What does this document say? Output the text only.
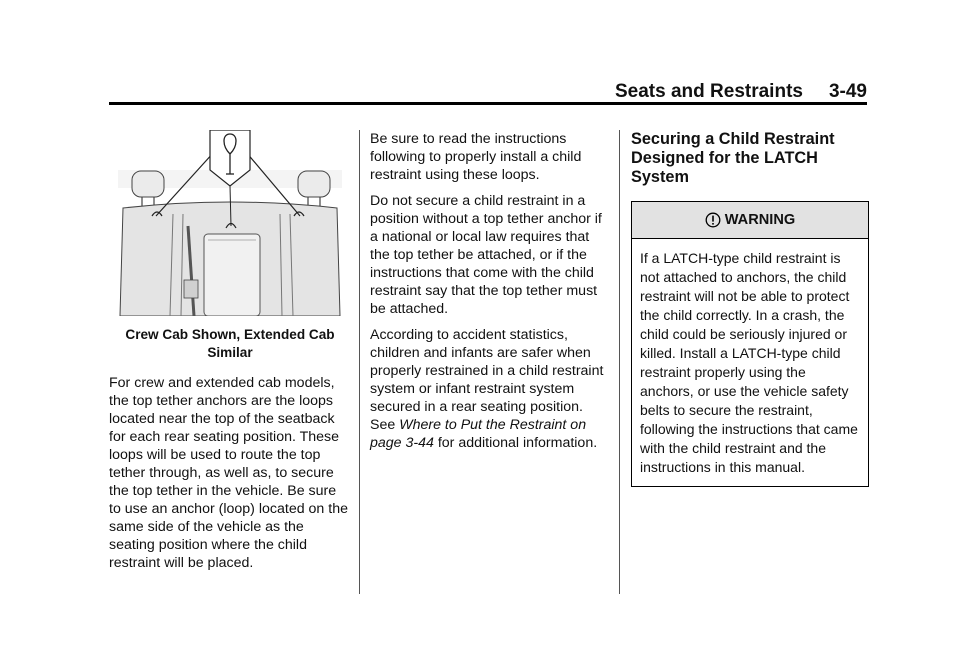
Seats and Restraints 3-49
Crew Cab Shown, Extended Cab Similar

For crew and extended cab models, the top tether anchors are the loops located near the top of the seatback for each rear seating position. These loops will be used to route the top tether through, as well as, to secure the top tether in the vehicle. Be sure to use an anchor (loop) located on the same side of the vehicle as the seating position where the child restraint will be placed.

Be sure to read the instructions following to properly install a child restraint using these loops.

Do not secure a child restraint in a position without a top tether anchor if a national or local law requires that the top tether be attached, or if the instructions that come with the child restraint say that the top tether must be attached.

According to accident statistics, children and infants are safer when properly restrained in a child restraint system or infant restraint system secured in a rear seating position. See Where to Put the Restraint on page 3-44 for additional information.

Securing a Child Restraint Designed for the LATCH System
WARNING
If a LATCH-type child restraint is not attached to anchors, the child restraint will not be able to protect the child correctly. In a crash, the child could be seriously injured or killed. Install a LATCH-type child restraint properly using the anchors, or use the vehicle safety belts to secure the restraint, following the instructions that came with the child restraint and the instructions in this manual.
